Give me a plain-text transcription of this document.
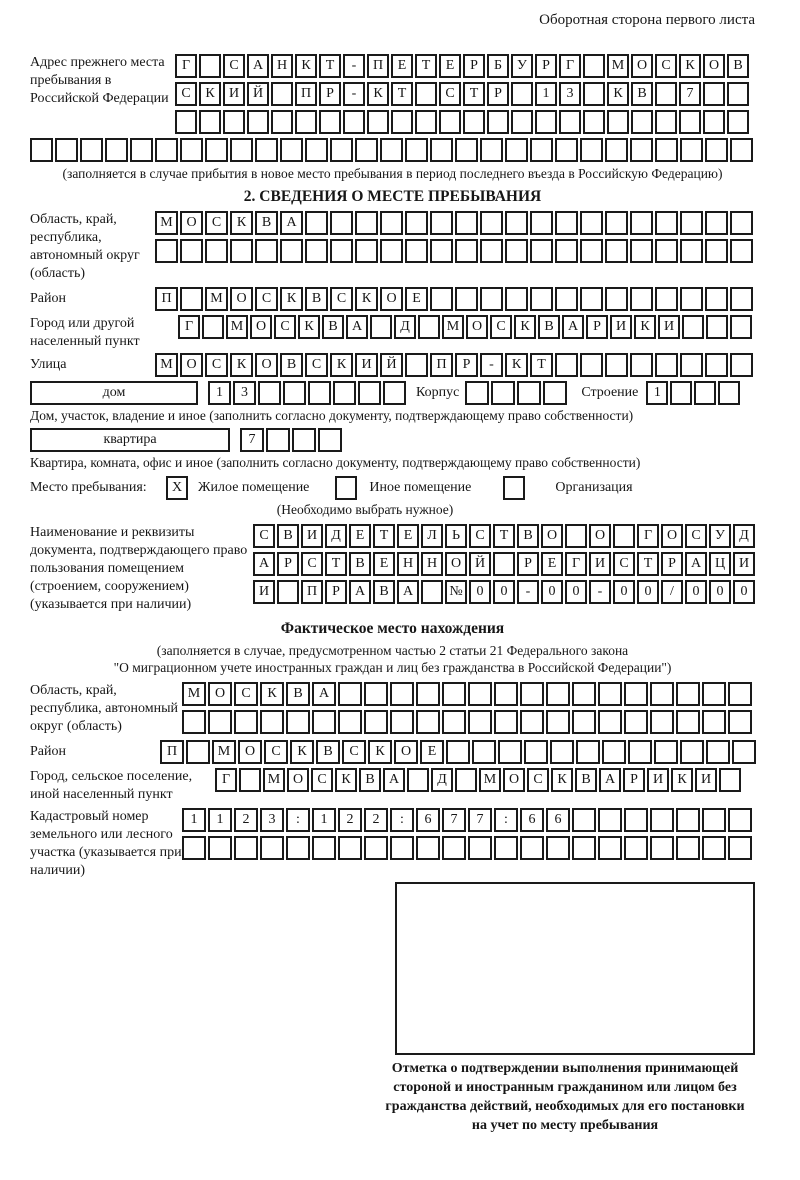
Оборотная сторона первого листа
Адрес прежнего места пребывания в Российской Федерации
Г	С А Н К Т - П Е Т Е Р Б У Р Г	М О С К О В
С К И Й	П Р - К Т	С Т Р	1 3	К В	7
(заполняется в случае прибытия в новое место пребывания в период последнего въезда в Российскую Федерацию)
2. СВЕДЕНИЯ О МЕСТЕ ПРЕБЫВАНИЯ
Область, край, республика, автономный округ (область)
М О С К В А
Район	П	М О С К В С К О Е
Город или другой населенный пункт
Г	М О С К В А	Д	М О С К В А Р И К И
Улица	М О С К О В С К И Й	П Р - К Т
дом	1 3	Корпус	Строение	1
Дом, участок, владение и иное (заполнить согласно документу, подтверждающему право собственности)
квартира	7
Квартира, комната, офис и иное (заполнить согласно документу, подтверждающему право собственности)
Место пребывания:	X	Жилое помещение	Иное помещение	Организация
(Необходимо выбрать нужное)
Наименование и реквизиты документа, подтверждающего право пользования помещением (строением, сооружением) (указывается при наличии)
С В И Д Е Т Е Л Ь С Т В О	О	Г О С У Д
А Р С Т В Е Н Н О Й	Р Е Г И С Т Р А Ц И
И	П Р А В А	№ 0 0 - 0 0 - 0 0 / 0 0 0
Фактическое место нахождения
(заполняется в случае, предусмотренном частью 2 статьи 21 Федерального закона
"О миграционном учете иностранных граждан и лиц без гражданства в Российской Федерации")
Область, край, республика, автономный округ (область)
М О С К В А
Район	П	М О С К В С К О Е
Город, сельское поселение, иной населенный пункт
Г	М О С К В А	Д	М О С К В А Р И К И
Кадастровый номер земельного или лесного участка (указывается при наличии)
1 1 2 3 : 1 2 2 : 6 7 7 : 6 6
Отметка о подтверждении выполнения принимающей
стороной и иностранным гражданином или лицом без
гражданства действий, необходимых для его постановки
на учет по месту пребывания
